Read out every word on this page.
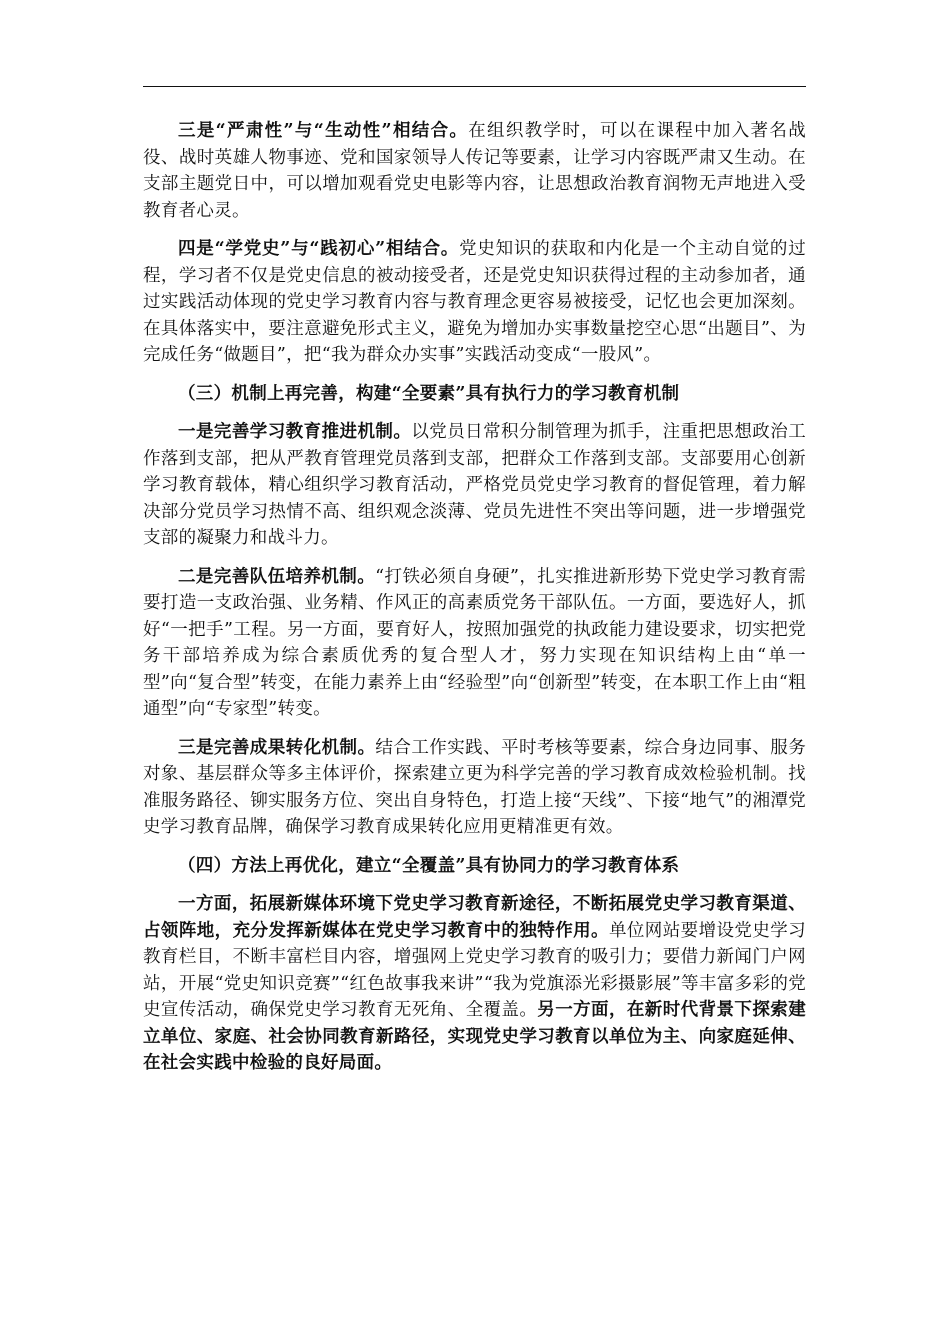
三是“严肃性”与“生动性”相结合。在组织教学时，可以在课程中加入著名战役、战时英雄人物事迹、党和国家领导人传记等要素，让学习内容既严肃又生动。在支部主题党日中，可以增加观看党史电影等内容，让思想政治教育润物无声地进入受教育者心灵。

四是“学党史”与“践初心”相结合。党史知识的获取和内化是一个主动自觉的过程，学习者不仅是党史信息的被动接受者，还是党史知识获得过程的主动参加者，通过实践活动体现的党史学习教育内容与教育理念更容易被接受，记忆也会更加深刻。在具体落实中，要注意避免形式主义，避免为增加办实事数量挖空心思“出题目”、为完成任务“做题目”，把“我为群众办实事”实践活动变成“一股风”。

（三）机制上再完善，构建“全要素”具有执行力的学习教育机制

一是完善学习教育推进机制。以党员日常积分制管理为抓手，注重把思想政治工作落到支部，把从严教育管理党员落到支部，把群众工作落到支部。支部要用心创新学习教育载体，精心组织学习教育活动，严格党员党史学习教育的督促管理，着力解决部分党员学习热情不高、组织观念淡薄、党员先进性不突出等问题，进一步增强党支部的凝聚力和战斗力。

二是完善队伍培养机制。“打铁必须自身硬”，扎实推进新形势下党史学习教育需要打造一支政治强、业务精、作风正的高素质党务干部队伍。一方面，要选好人，抓好“一把手”工程。另一方面，要育好人，按照加强党的执政能力建设要求，切实把党务干部培养成为综合素质优秀的复合型人才，努力实现在知识结构上由“单一型”向“复合型”转变，在能力素养上由“经验型”向“创新型”转变，在本职工作上由“粗通型”向“专家型”转变。

三是完善成果转化机制。结合工作实践、平时考核等要素，综合身边同事、服务对象、基层群众等多主体评价，探索建立更为科学完善的学习教育成效检验机制。找准服务路径、铆实服务方位、突出自身特色，打造上接“天线”、下接“地气”的湘潭党史学习教育品牌，确保学习教育成果转化应用更精准更有效。

（四）方法上再优化，建立“全覆盖”具有协同力的学习教育体系

一方面，拓展新媒体环境下党史学习教育新途径，不断拓展党史学习教育渠道、占领阵地，充分发挥新媒体在党史学习教育中的独特作用。单位网站要增设党史学习教育栏目，不断丰富栏目内容，增强网上党史学习教育的吸引力；要借力新闻门户网站，开展“党史知识竞赛”“红色故事我来讲”“我为党旗添光彩摄影展”等丰富多彩的党史宣传活动，确保党史学习教育无死角、全覆盖。另一方面，在新时代背景下探索建立单位、家庭、社会协同教育新路径，实现党史学习教育以单位为主、向家庭延伸、在社会实践中检验的良好局面。
